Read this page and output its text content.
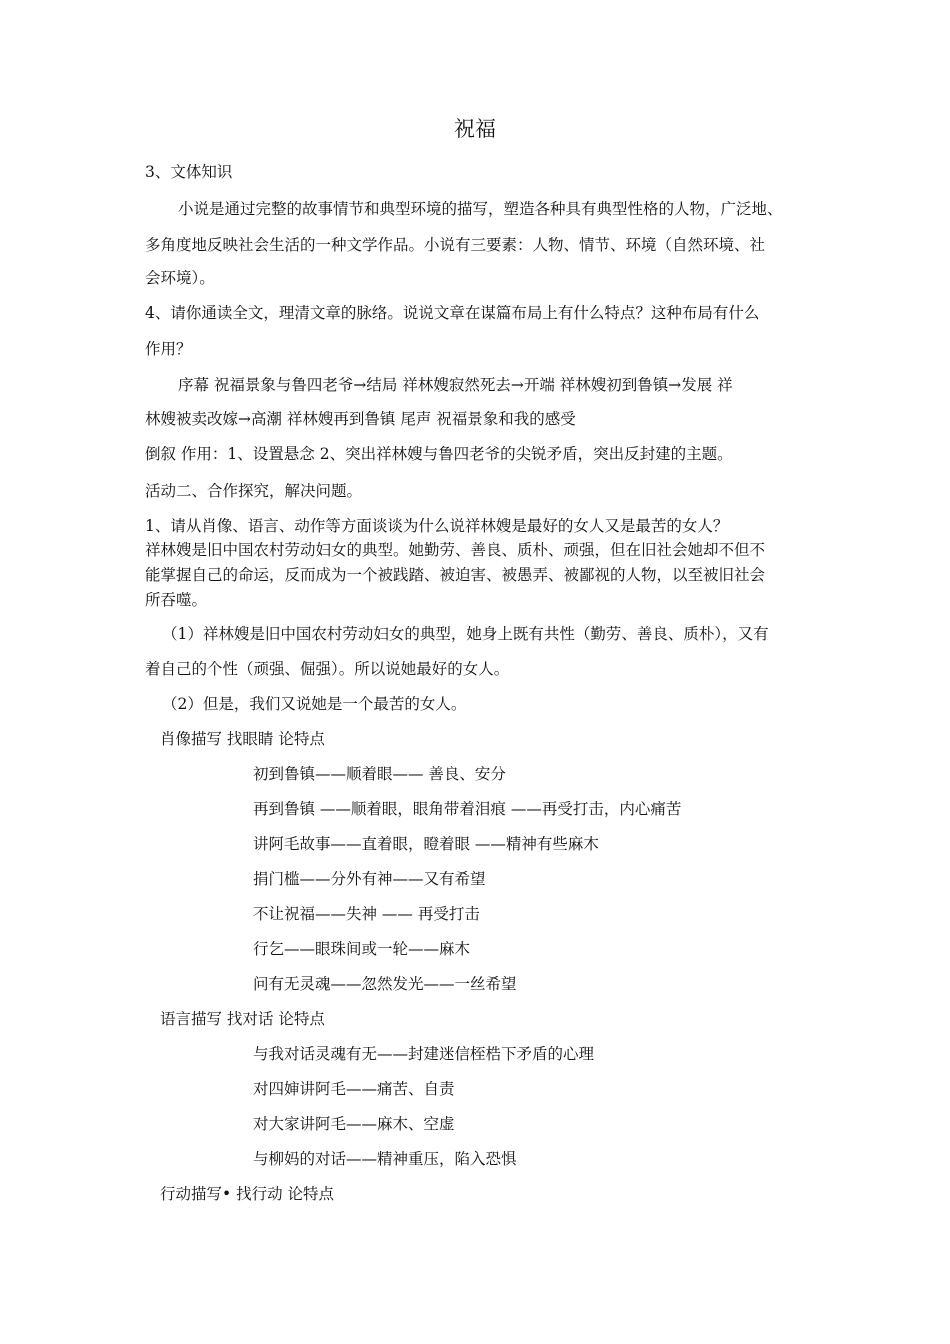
祝福
3、文体知识
小说是通过完整的故事情节和典型环境的描写，塑造各种具有典型性格的人物，广泛地、
多角度地反映社会生活的一种文学作品。小说有三要素：人物、情节、环境（自然环境、社
会环境）。
4、请你通读全文，理清文章的脉络。说说文章在谋篇布局上有什么特点？这种布局有什么
作用？
序幕 祝福景象与鲁四老爷→结局 祥林嫂寂然死去→开端 祥林嫂初到鲁镇→发展 祥
林嫂被卖改嫁→高潮 祥林嫂再到鲁镇 尾声 祝福景象和我的感受
倒叙 作用：1、设置悬念 2、突出祥林嫂与鲁四老爷的尖锐矛盾，突出反封建的主题。
活动二、合作探究，解决问题。
1、请从肖像、语言、动作等方面谈谈为什么说祥林嫂是最好的女人又是最苦的女人？
祥林嫂是旧中国农村劳动妇女的典型。她勤劳、善良、质朴、顽强，但在旧社会她却不但不
能掌握自己的命运，反而成为一个被践踏、被迫害、被愚弄、被鄙视的人物，以至被旧社会
所吞噬。
（1）祥林嫂是旧中国农村劳动妇女的典型，她身上既有共性（勤劳、善良、质朴），又有
着自己的个性（顽强、倔强）。所以说她最好的女人。
（2）但是，我们又说她是一个最苦的女人。
肖像描写 找眼睛 论特点
初到鲁镇——顺着眼—— 善良、安分
再到鲁镇 ——顺着眼，眼角带着泪痕 ——再受打击，内心痛苦
讲阿毛故事——直着眼，瞪着眼 ——精神有些麻木
捐门槛——分外有神——又有希望
不让祝福——失神 —— 再受打击
行乞——眼珠间或一轮——麻木
问有无灵魂——忽然发光——一丝希望
语言描写 找对话 论特点
与我对话灵魂有无——封建迷信桎梏下矛盾的心理
对四婶讲阿毛——痛苦、自责
对大家讲阿毛——麻木、空虚
与柳妈的对话——精神重压，陷入恐惧
行动描写• 找行动 论特点
